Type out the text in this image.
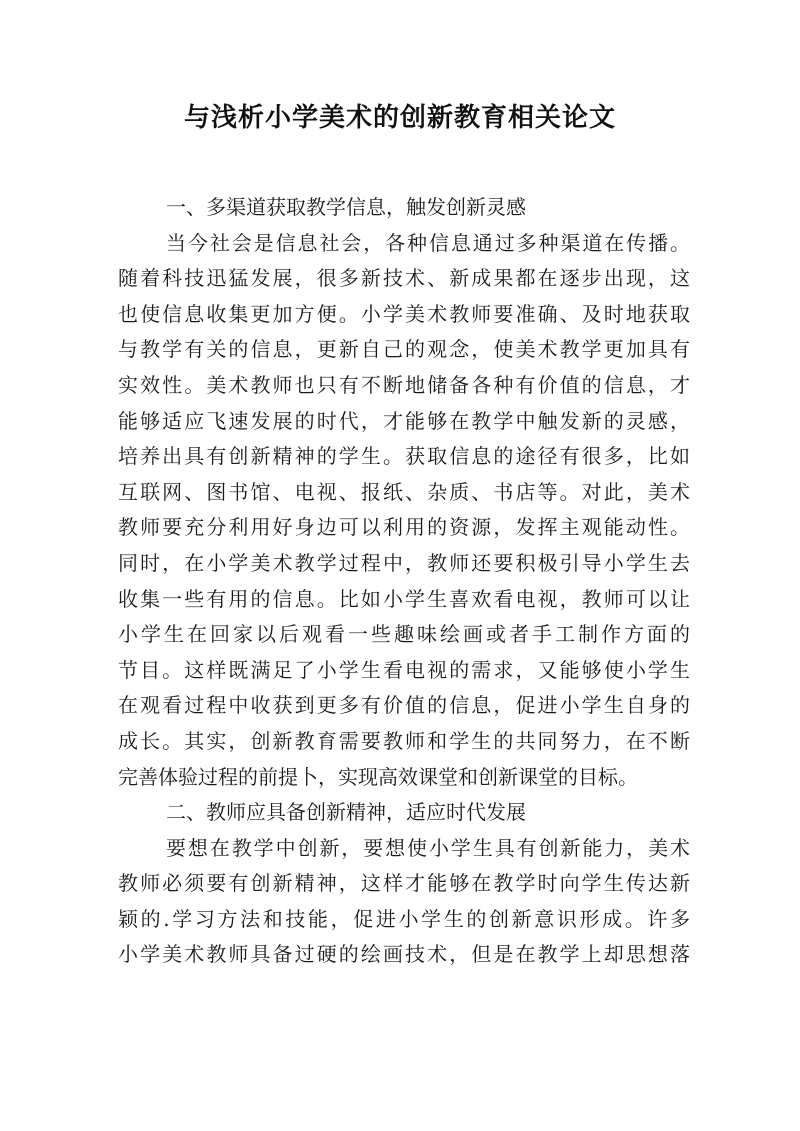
与浅析小学美术的创新教育相关论文
一、多渠道获取教学信息，触发创新灵感
当今社会是信息社会，各种信息通过多种渠道在传播。
随着科技迅猛发展，很多新技术、新成果都在逐步出现，这
也使信息收集更加方便。小学美术教师要准确、及时地获取
与教学有关的信息，更新自己的观念，使美术教学更加具有
实效性。美术教师也只有不断地储备各种有价值的信息，才
能够适应飞速发展的时代，才能够在教学中触发新的灵感，
培养出具有创新精神的学生。获取信息的途径有很多，比如
互联网、图书馆、电视、报纸、杂质、书店等。对此，美术
教师要充分利用好身边可以利用的资源，发挥主观能动性。
同时，在小学美术教学过程中，教师还要积极引导小学生去
收集一些有用的信息。比如小学生喜欢看电视，教师可以让
小学生在回家以后观看一些趣味绘画或者手工制作方面的
节目。这样既满足了小学生看电视的需求，又能够使小学生
在观看过程中收获到更多有价值的信息，促进小学生自身的
成长。其实，创新教育需要教师和学生的共同努力，在不断
完善体验过程的前提卜，实现高效课堂和创新课堂的目标。
二、教师应具备创新精神，适应时代发展
要想在教学中创新，要想使小学生具有创新能力，美术
教师必须要有创新精神，这样才能够在教学时向学生传达新
颖的.学习方法和技能，促进小学生的创新意识形成。许多
小学美术教师具备过硬的绘画技术，但是在教学上却思想落
